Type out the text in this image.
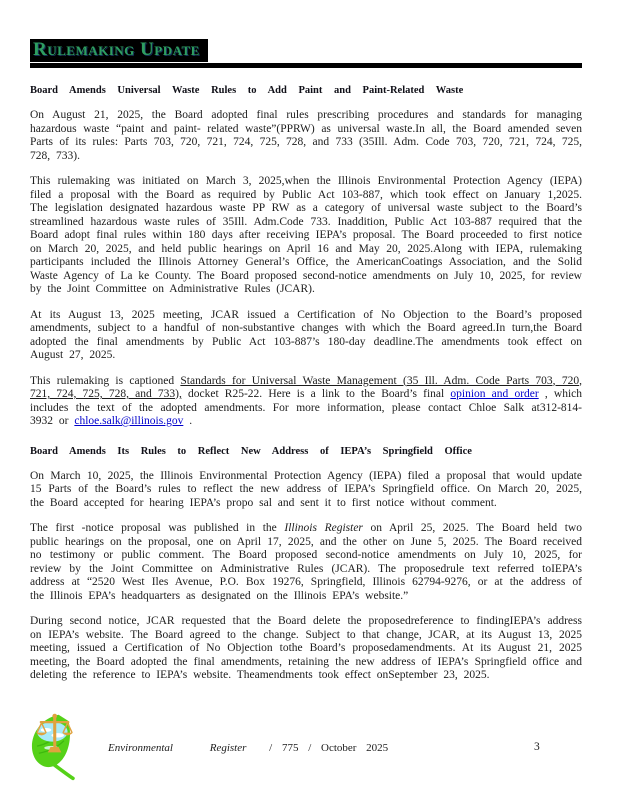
Rulemaking Update
Board Amends Universal Waste Rules to Add Paint and Paint-Related Waste

On August 21, 2025, the Board adopted final rules prescribing procedures and standards for managing hazardous waste “paint and paint- related waste”(PPRW) as universal waste.In all, the Board amended seven Parts of its rules: Parts 703, 720, 721, 724, 725, 728, and 733 (35Ill. Adm. Code 703, 720, 721, 724, 725, 728, 733).

This rulemaking was initiated on March 3, 2025,when the Illinois Environmental Protection Agency (IEPA) filed a proposal with the Board as required by Public Act 103-887, which took effect on January 1,2025. The legislation designated hazardous waste PP RW as a category of universal waste subject to the Board’s streamlined hazardous waste rules of 35Ill. Adm.Code 733. Inaddition, Public Act 103-887 required that the Board adopt final rules within 180 days after receiving IEPA’s proposal. The Board proceeded to first notice on March 20, 2025, and held public hearings on April 16 and May 20, 2025.Along with IEPA, rulemaking participants included the Illinois Attorney General’s Office, the AmericanCoatings Association, and the Solid Waste Agency of La ke County. The Board proposed second-notice amendments on July 10, 2025, for review by the Joint Committee on Administrative Rules (JCAR).

At its August 13, 2025 meeting, JCAR issued a Certification of No Objection to the Board’s proposed amendments, subject to a handful of non-substantive changes with which the Board agreed.In turn,the Board adopted the final amendments by Public Act 103-887’s 180-day deadline.The amendments took effect on August 27, 2025.

This rulemaking is captioned Standards for Universal Waste Management (35 Ill. Adm. Code Parts 703, 720, 721, 724, 725, 728, and 733), docket R25-22. Here is a link to the Board’s final opinion and order , which includes the text of the adopted amendments. For more information, please contact Chloe Salk at312-814-3932 or chloe.salk@illinois.gov .

Board Amends Its Rules to Reflect New Address of IEPA’s Springfield Office

On March 10, 2025, the Illinois Environmental Protection Agency (IEPA) filed a proposal that would update 15 Parts of the Board’s rules to reflect the new address of IEPA’s Springfield office. On March 20, 2025, the Board accepted for hearing IEPA’s propo sal and sent it to first notice without comment.

The first -notice proposal was published in the Illinois Register on April 25, 2025. The Board held two public hearings on the proposal, one on April 17, 2025, and the other on June 5, 2025. The Board received no testimony or public comment. The Board proposed second-notice amendments on July 10, 2025, for review by the Joint Committee on Administrative Rules (JCAR). The proposedrule text referred toIEPA’s address at “2520 West Iles Avenue, P.O. Box 19276, Springfield, Illinois 62794-9276, or at the address of the Illinois EPA’s headquarters as designated on the Illinois EPA’s website.”

During second notice, JCAR requested that the Board delete the proposedreference to findingIEPA’s address on IEPA’s website. The Board agreed to the change. Subject to that change, JCAR, at its August 13, 2025 meeting, issued a Certification of No Objection tothe Board’s proposedamendments. At its August 21, 2025 meeting, the Board adopted the final amendments, retaining the new address of IEPA’s Springfield office and deleting the reference to IEPA’s website. Theamendments took effect onSeptember 23, 2025.

Environmental Register / 775 / October 2025	3
